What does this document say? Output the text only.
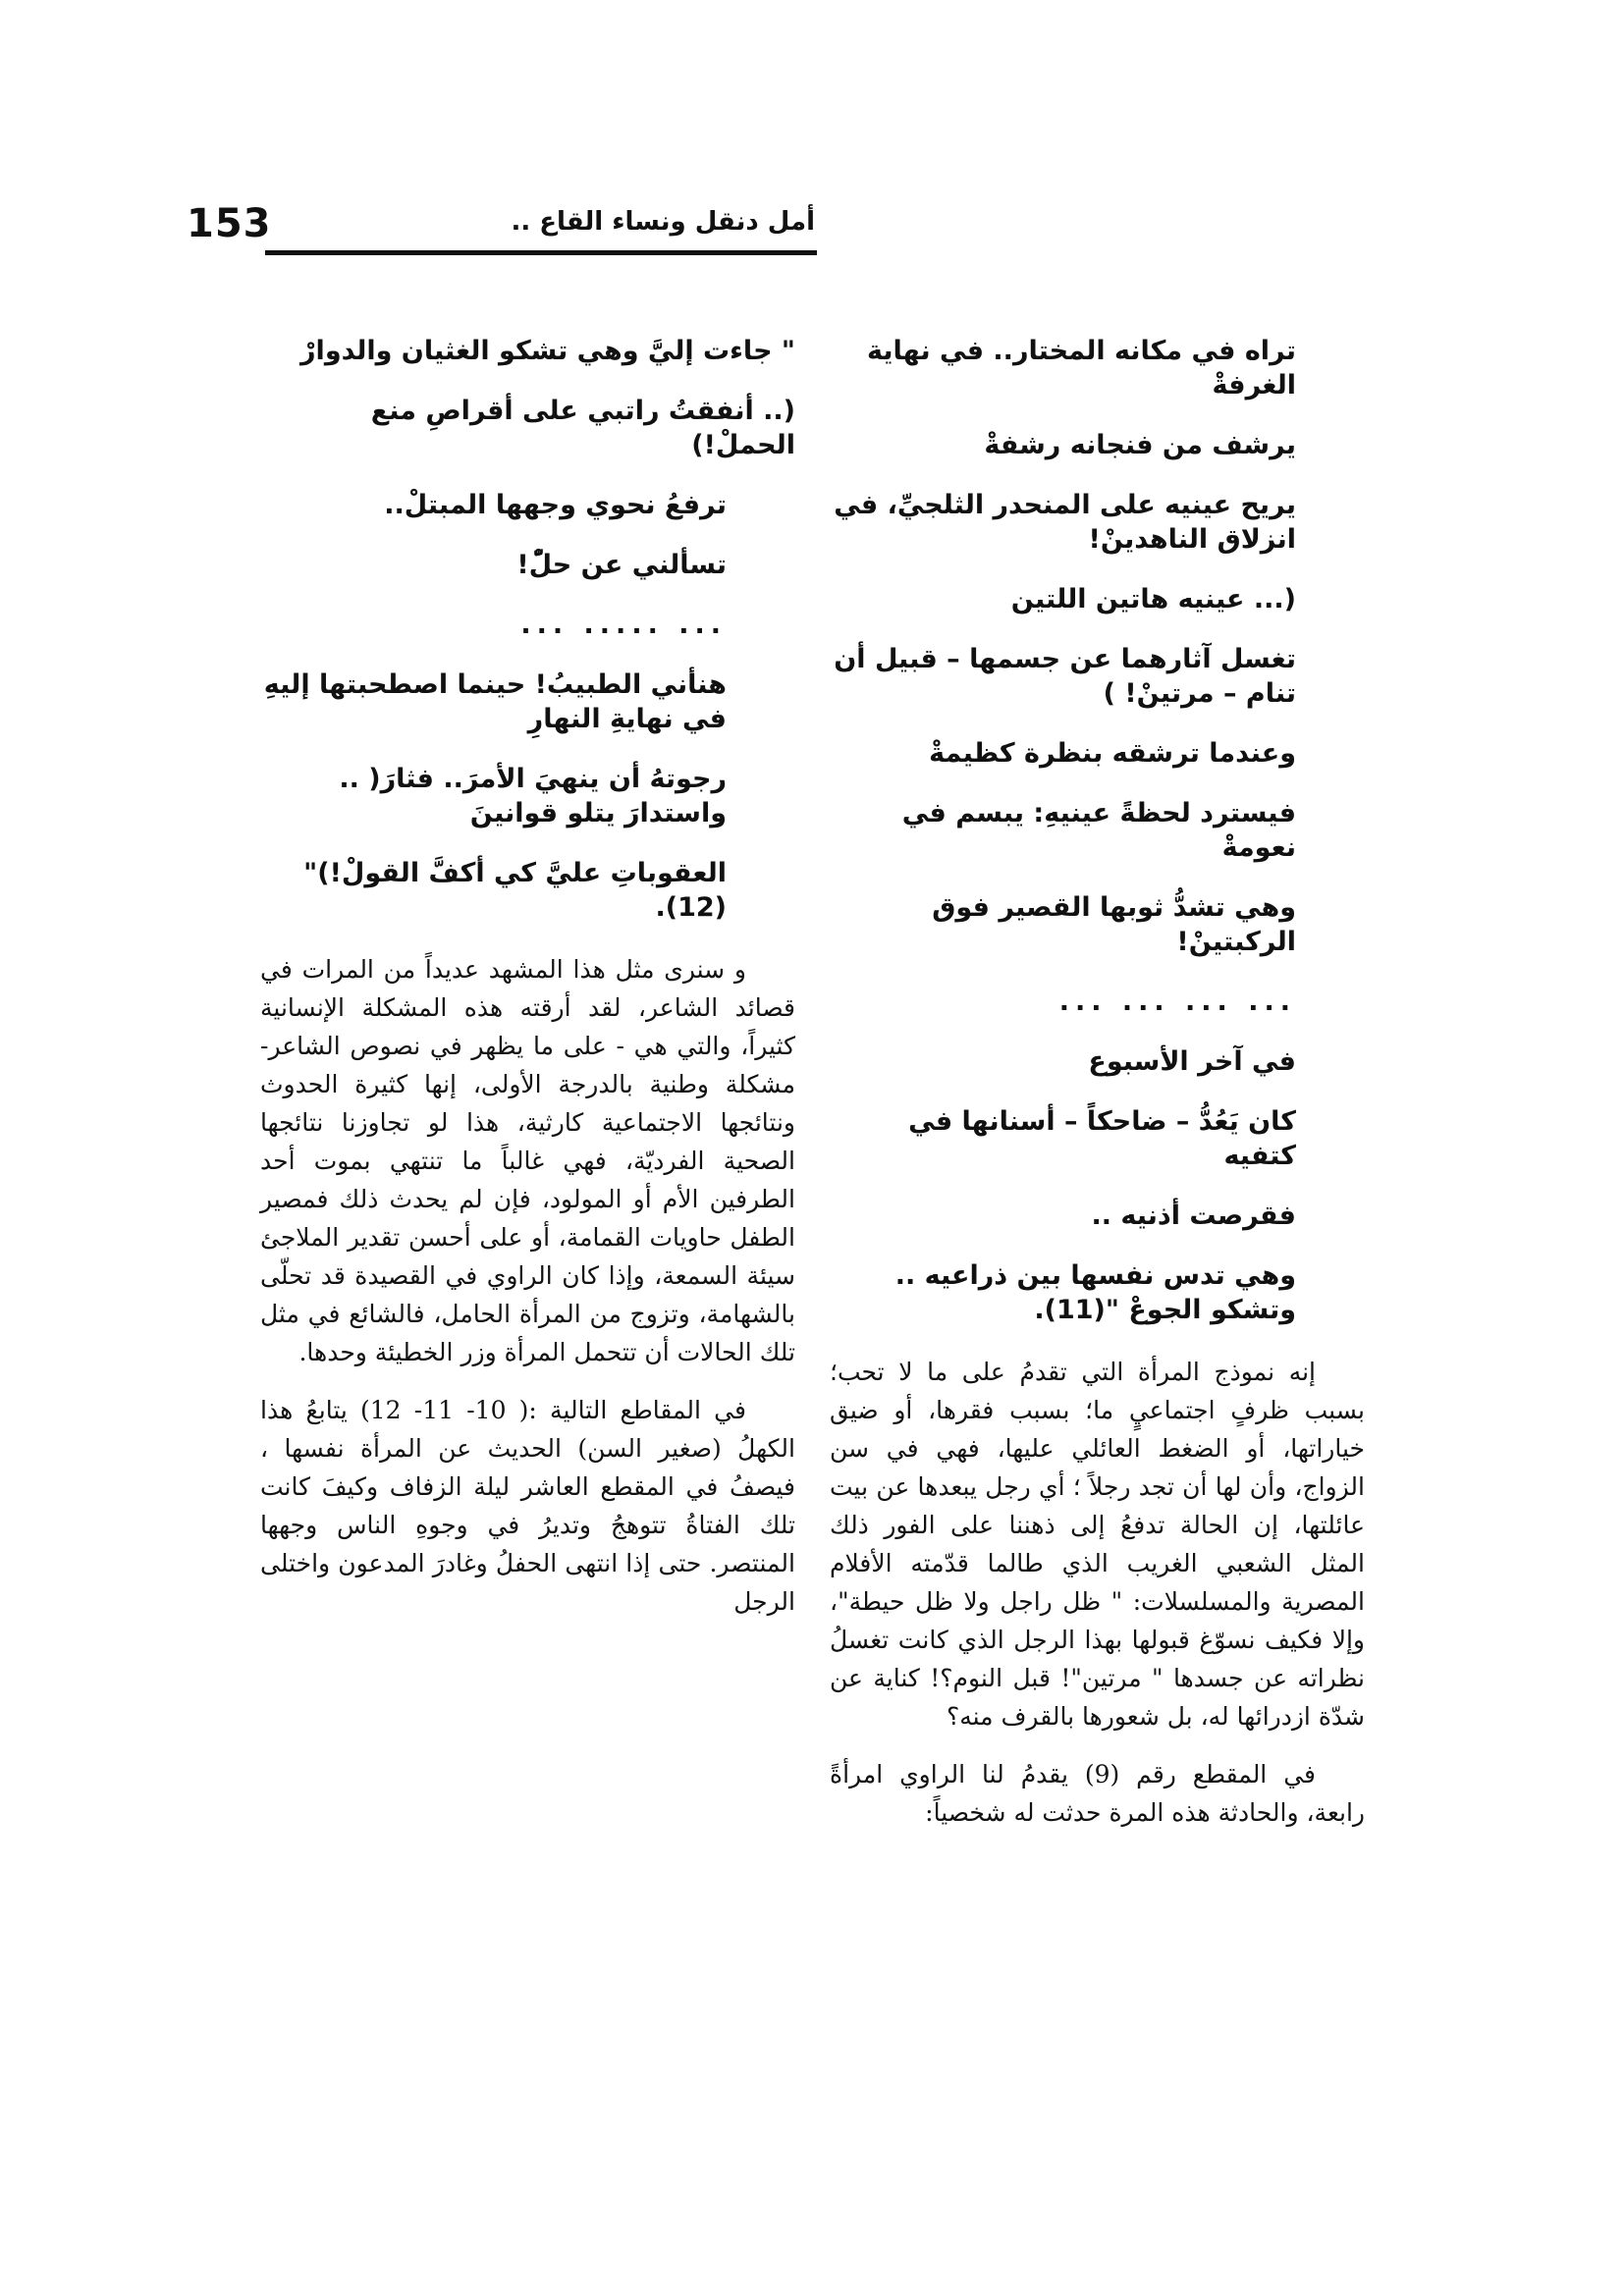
153	أمل دنقل ونساء القاع ..

تراه في مكانه المختار.. في نهاية الغرفةْ

يرشف من فنجانه رشفةْ

يريح عينيه على المنحدر الثلجيِّ، في انزلاق الناهدينْ!

(... عينيه هاتين اللتين

تغسل آثارهما عن جسمها – قبيل أن تنام – مرتينْ! )

وعندما ترشقه بنظرة كظيمةْ

فيسترد لحظةً عينيهِ: يبسم في نعومةْ

وهي تشدُّ ثوبها القصير فوق الركبتينْ!

... ... ... ...

في آخر الأسبوع

كان يَعُدُّ – ضاحكاً – أسنانها في كتفيه

فقرصت أذنيه ..

وهي تدس نفسها بين ذراعيه .. وتشكو الجوعْ "(11).

إنه نموذج المرأة التي تقدمُ على ما لا تحب؛ بسبب ظرفٍ اجتماعيٍ ما؛ بسبب فقرها، أو ضيق خياراتها، أو الضغط العائلي عليها، فهي في سن الزواج، وأن لها أن تجد رجلاً ؛ أي رجل يبعدها عن بيت عائلتها، إن الحالة تدفعُ إلى ذهننا على الفور ذلك المثل الشعبي الغريب الذي طالما قدّمته الأفلام المصرية والمسلسلات: " ظل راجل ولا ظل حيطة"، وإلا فكيف نسوّغ قبولها بهذا الرجل الذي كانت تغسلُ نظراته عن جسدها " مرتين"! قبل النوم؟! كناية عن شدّة ازدرائها له، بل شعورها بالقرف منه؟

في المقطع رقم (9) يقدمُ لنا الراوي امرأةً رابعة، والحادثة هذه المرة حدثت له شخصياً:

" جاءت إليَّ وهي تشكو الغثيان والدوارْ

(.. أنفقتُ راتبي على أقراصِ منع الحملْ!)

ترفعُ نحوي وجهها المبتلْ..

تسألني عن حلّْ!

... ..... ...

هنأني الطبيبُ! حينما اصطحبتها إليهِ في نهايةِ النهارِ

رجوتهُ أن ينهيَ الأمرَ.. فثارَ( .. واستدارَ يتلو قوانينَ

العقوباتِ عليَّ كي أكفَّ القولْ!)"(12).

و سنرى مثل هذا المشهد عديداً من المرات في قصائد الشاعر، لقد أرقته هذه المشكلة الإنسانية كثيراً، والتي هي - على ما يظهر في نصوص الشاعر- مشكلة وطنية بالدرجة الأولى، إنها كثيرة الحدوث ونتائجها الاجتماعية كارثية، هذا لو تجاوزنا نتائجها الصحية الفرديّة، فهي غالباً ما تنتهي بموت أحد الطرفين الأم أو المولود، فإن لم يحدث ذلك فمصير الطفل حاويات القمامة، أو على أحسن تقدير الملاجئ سيئة السمعة، وإذا كان الراوي في القصيدة قد تحلّى بالشهامة، وتزوج من المرأة الحامل، فالشائع في مثل تلك الحالات أن تتحمل المرأة وزر الخطيئة وحدها.

في المقاطع التالية :( 10- 11- 12) يتابعُ هذا الكهلُ (صغير السن) الحديث عن المرأة نفسها ، فيصفُ في المقطع العاشر ليلة الزفاف وكيفَ كانت تلك الفتاةُ تتوهجُ وتديرُ في وجوهِ الناس وجهها المنتصر. حتى إذا انتهى الحفلُ وغادرَ المدعون واختلى الرجل
